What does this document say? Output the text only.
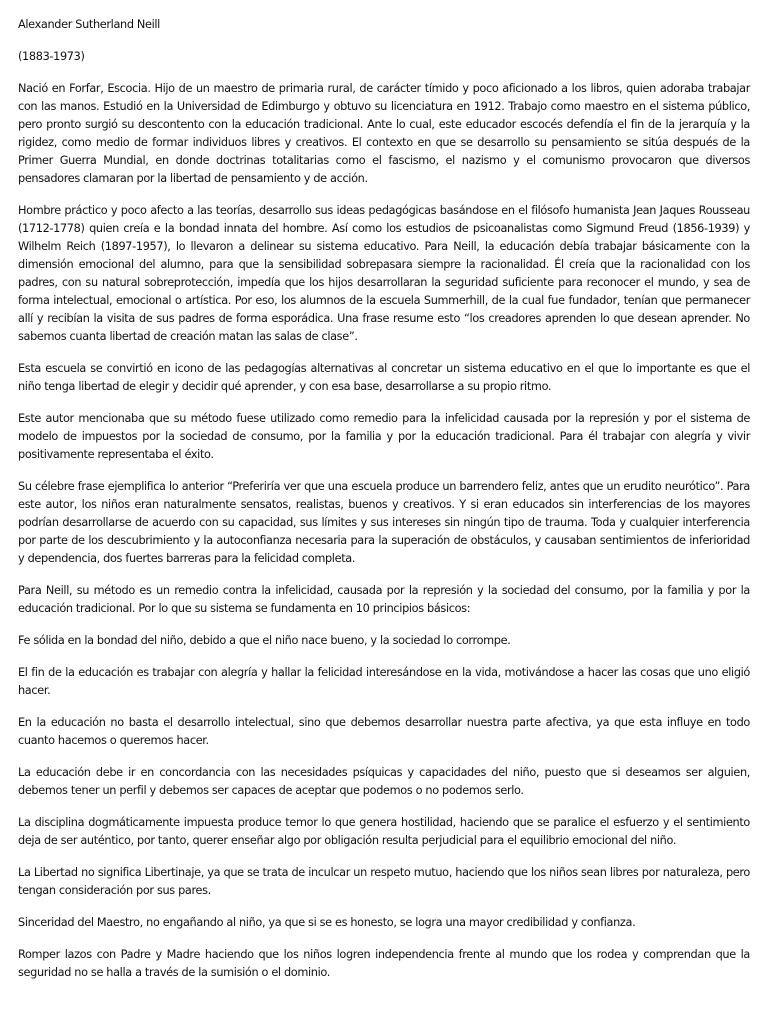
Alexander Sutherland Neill

(1883-1973)

Nació en Forfar, Escocia. Hijo de un maestro de primaria rural, de carácter tímido y poco aficionado a los libros, quien adoraba trabajar con las manos. Estudió en la Universidad de Edimburgo y obtuvo su licenciatura en 1912. Trabajo como maestro en el sistema público, pero pronto surgió su descontento con la educación tradicional. Ante lo cual, este educador escocés defendía el fin de la jerarquía y la rigidez, como medio de formar individuos libres y creativos. El contexto en que se desarrollo su pensamiento se sitúa después de la Primer Guerra Mundial, en donde doctrinas totalitarias como el fascismo, el nazismo y el comunismo provocaron que diversos pensadores clamaran por la libertad de pensamiento y de acción.

Hombre práctico y poco afecto a las teorías, desarrollo sus ideas pedagógicas basándose en el filósofo humanista Jean Jaques Rousseau (1712-1778) quien creía e la bondad innata del hombre. Así como los estudios de psicoanalistas como Sigmund Freud (1856-1939) y Wilhelm Reich (1897-1957), lo llevaron a delinear su sistema educativo. Para Neill, la educación debía trabajar básicamente con la dimensión emocional del alumno, para que la sensibilidad sobrepasara siempre la racionalidad. Él creía que la racionalidad con los padres, con su natural sobreprotección, impedía que los hijos desarrollaran la seguridad suficiente para reconocer el mundo, y sea de forma intelectual, emocional o artística. Por eso, los alumnos de la escuela Summerhill, de la cual fue fundador, tenían que permanecer allí y recibían la visita de sus padres de forma esporádica. Una frase resume esto “los creadores aprenden lo que desean aprender. No sabemos cuanta libertad de creación matan las salas de clase”.

Esta escuela se convirtió en icono de las pedagogías alternativas al concretar un sistema educativo en el que lo importante es que el niño tenga libertad de elegir y decidir qué aprender, y con esa base, desarrollarse a su propio ritmo.

Este autor mencionaba que su método fuese utilizado como remedio para la infelicidad causada por la represión y por el sistema de modelo de impuestos por la sociedad de consumo, por la familia y por la educación tradicional. Para él trabajar con alegría y vivir positivamente representaba el éxito.

Su célebre frase ejemplifica lo anterior “Preferiría ver que una escuela produce un barrendero feliz, antes que un erudito neurótico”. Para este autor, los niños eran naturalmente sensatos, realistas, buenos y creativos. Y si eran educados sin interferencias de los mayores podrían desarrollarse de acuerdo con su capacidad, sus límites y sus intereses sin ningún tipo de trauma. Toda y cualquier interferencia por parte de los descubrimiento y la autoconfianza necesaria para la superación de obstáculos, y causaban sentimientos de inferioridad y dependencia, dos fuertes barreras para la felicidad completa.

Para Neill, su método es un remedio contra la infelicidad, causada por la represión y la sociedad del consumo, por la familia y por la educación tradicional. Por lo que su sistema se fundamenta en 10 principios básicos:

Fe sólida en la bondad del niño, debido a que el niño nace bueno, y la sociedad lo corrompe.

El fin de la educación es trabajar con alegría y hallar la felicidad interesándose en la vida, motivándose a hacer las cosas que uno eligió hacer.

En la educación no basta el desarrollo intelectual, sino que debemos desarrollar nuestra parte afectiva, ya que esta influye en todo cuanto hacemos o queremos hacer.

La educación debe ir en concordancia con las necesidades psíquicas y capacidades del niño, puesto que si deseamos ser alguien, debemos tener un perfil y debemos ser capaces de aceptar que podemos o no podemos serlo.

La disciplina dogmáticamente impuesta produce temor lo que genera hostilidad, haciendo que se paralice el esfuerzo y el sentimiento deja de ser auténtico, por tanto, querer enseñar algo por obligación resulta perjudicial para el equilibrio emocional del niño.

La Libertad no significa Libertinaje, ya que se trata de inculcar un respeto mutuo, haciendo que los niños sean libres por naturaleza, pero tengan consideración por sus pares.

Sinceridad del Maestro, no engañando al niño, ya que si se es honesto, se logra una mayor credibilidad y confianza.

Romper lazos con Padre y Madre haciendo que los niños logren independencia frente al mundo que los rodea y comprendan que la seguridad no se halla a través de la sumisión o el dominio.
